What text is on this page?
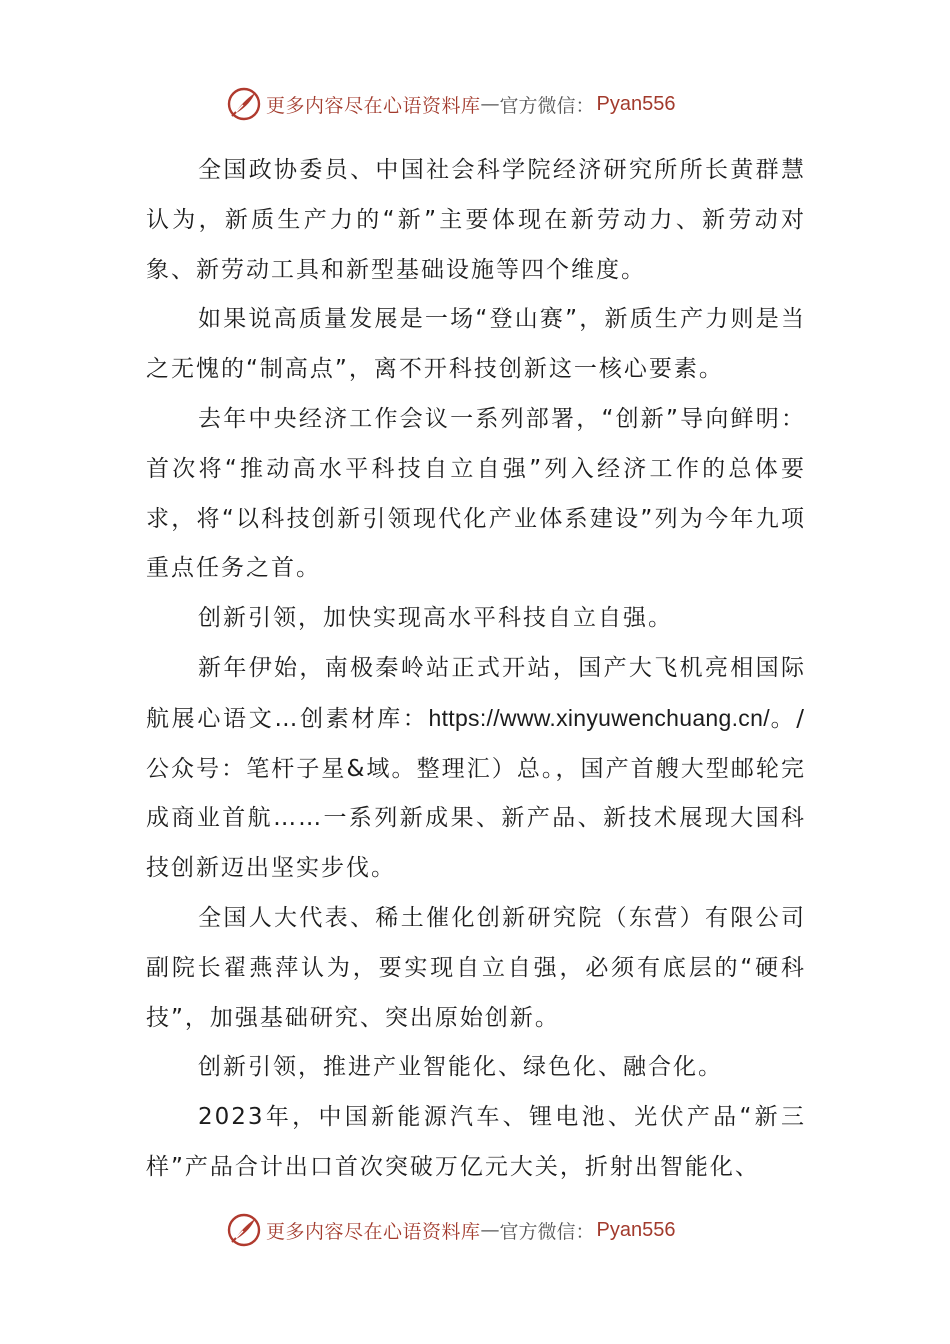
更多内容尽在心语资料库 — 官方微信： Pyan556

全国政协委员、中国社会科学院经济研究所所长黄群慧认为，新质生产力的“新”主要体现在新劳动力、新劳动对象、新劳动工具和新型基础设施等四个维度。

如果说高质量发展是一场“登山赛”，新质生产力则是当之无愧的“制高点”，离不开科技创新这一核心要素。

去年中央经济工作会议一系列部署，“创新”导向鲜明：首次将“推动高水平科技自立自强”列入经济工作的总体要求，将“以科技创新引领现代化产业体系建设”列为今年九项重点任务之首。

创新引领，加快实现高水平科技自立自强。

新年伊始，南极秦岭站正式开站，国产大飞机亮相国际航展心语文…创素材库：https://www.xinyuwenchuang.cn/。/公众号：笔杆子星&域。整理汇）总。，国产首艘大型邮轮完成商业首航……一系列新成果、新产品、新技术展现大国科技创新迈出坚实步伐。

全国人大代表、稀土催化创新研究院（东营）有限公司副院长翟燕萍认为，要实现自立自强，必须有底层的“硬科技”，加强基础研究、突出原始创新。

创新引领，推进产业智能化、绿色化、融合化。

2023年，中国新能源汽车、锂电池、光伏产品“新三样”产品合计出口首次突破万亿元大关，折射出智能化、

更多内容尽在心语资料库 — 官方微信： Pyan556
